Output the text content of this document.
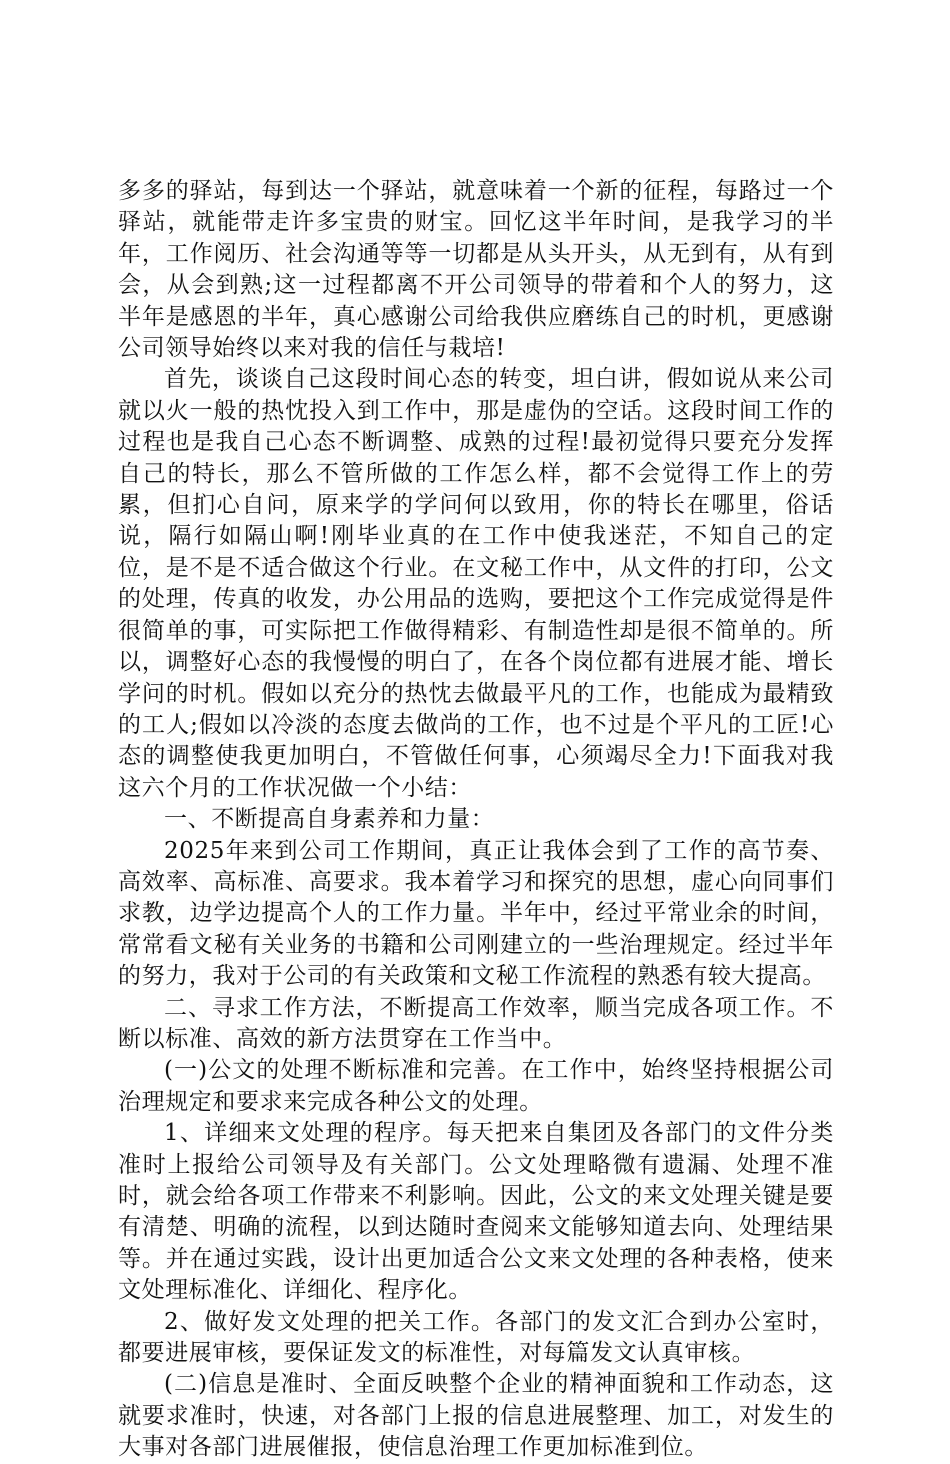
多多的驿站，每到达一个驿站，就意味着一个新的征程，每路过一个驿站，就能带走许多宝贵的财宝。回忆这半年时间，是我学习的半年，工作阅历、社会沟通等等一切都是从头开头，从无到有，从有到会，从会到熟;这一过程都离不开公司领导的带着和个人的努力，这半年是感恩的半年，真心感谢公司给我供应磨练自己的时机，更感谢公司领导始终以来对我的信任与栽培!

首先，谈谈自己这段时间心态的转变，坦白讲，假如说从来公司就以火一般的热忱投入到工作中，那是虚伪的空话。这段时间工作的过程也是我自己心态不断调整、成熟的过程!最初觉得只要充分发挥自己的特长，那么不管所做的工作怎么样，都不会觉得工作上的劳累，但扪心自问，原来学的学问何以致用，你的特长在哪里，俗话说，隔行如隔山啊!刚毕业真的在工作中使我迷茫，不知自己的定位，是不是不适合做这个行业。在文秘工作中，从文件的打印，公文的处理，传真的收发，办公用品的选购，要把这个工作完成觉得是件很简单的事，可实际把工作做得精彩、有制造性却是很不简单的。所以，调整好心态的我慢慢的明白了，在各个岗位都有进展才能、增长学问的时机。假如以充分的热忱去做最平凡的工作，也能成为最精致的工人;假如以冷淡的态度去做尚的工作，也不过是个平凡的工匠!心态的调整使我更加明白，不管做任何事，心须竭尽全力!下面我对我这六个月的工作状况做一个小结：

一、不断提高自身素养和力量：

2025年来到公司工作期间，真正让我体会到了工作的高节奏、高效率、高标准、高要求。我本着学习和探究的思想，虚心向同事们求教，边学边提高个人的工作力量。半年中，经过平常业余的时间，常常看文秘有关业务的书籍和公司刚建立的一些治理规定。经过半年的努力，我对于公司的有关政策和文秘工作流程的熟悉有较大提高。

二、寻求工作方法，不断提高工作效率，顺当完成各项工作。不断以标准、高效的新方法贯穿在工作当中。

(一)公文的处理不断标准和完善。在工作中，始终坚持根据公司治理规定和要求来完成各种公文的处理。

1、详细来文处理的程序。每天把来自集团及各部门的文件分类准时上报给公司领导及有关部门。公文处理略微有遗漏、处理不准时，就会给各项工作带来不利影响。因此，公文的来文处理关键是要有清楚、明确的流程，以到达随时查阅来文能够知道去向、处理结果等。并在通过实践，设计出更加适合公文来文处理的各种表格，使来文处理标准化、详细化、程序化。

2、做好发文处理的把关工作。各部门的发文汇合到办公室时，都要进展审核，要保证发文的标准性，对每篇发文认真审核。

(二)信息是准时、全面反映整个企业的精神面貌和工作动态，这就要求准时，快速，对各部门上报的信息进展整理、加工，对发生的大事对各部门进展催报，使信息治理工作更加标准到位。
